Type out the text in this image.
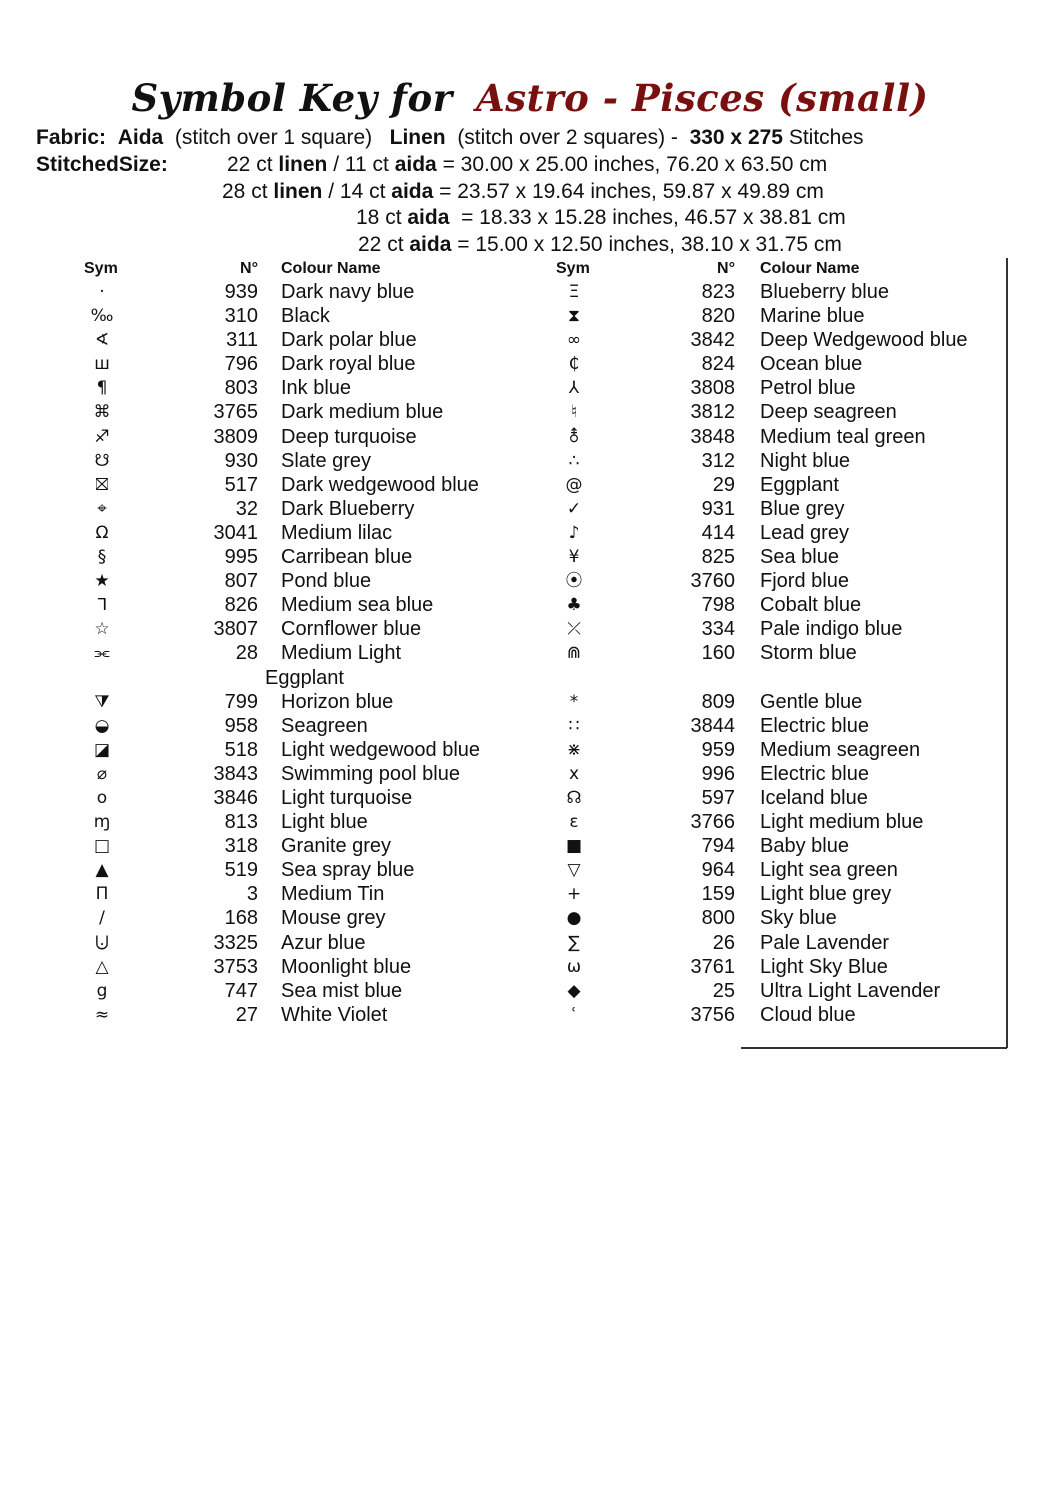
Symbol Key for Astro - Pisces (small)
Fabric: Aida (stitch over 1 square) Linen (stitch over 2 squares) - 330 x 275 Stitches
StitchedSize:	22 ct linen / 11 ct aida = 30.00 x 25.00 inches, 76.20 x 63.50 cm
28 ct linen / 14 ct aida = 23.57 x 19.64 inches, 59.87 x 49.89 cm
18 ct aida  = 18.33 x 15.28 inches, 46.57 x 38.81 cm
22 ct aida = 15.00 x 12.50 inches, 38.10 x 31.75 cm
Sym	N° Colour Name
·	939 Dark navy blue
‰	310 Black
∢	311 Dark polar blue
ш	796 Dark royal blue
¶	803 Ink blue
⌘	3765 Dark medium blue
♐	3809 Deep turquoise
☋	930 Slate grey
⛝	517 Dark wedgewood blue
⌖	32 Dark Blueberry
Ω	3041 Medium lilac
§	995 Carribean blue
★	807 Pond blue
ᒣ	826 Medium sea blue
☆	3807 Cornflower blue
⫘	28 Medium Light
Eggplant
⧩	799 Horizon blue
◒	958 Seagreen
◪	518 Light wedgewood blue
⌀	3843 Swimming pool blue
o	3846 Light turquoise
ɱ	813 Light blue
□	318 Granite grey
▲	519 Sea spray blue
Π	3 Medium Tin
/	168 Mouse grey
⨃	3325 Azur blue
△	3753 Moonlight blue
g	747 Sea mist blue
≈	27 White Violet
Sym	N° Colour Name
Ξ	823 Blueberry blue
⧗	820 Marine blue
∞	3842 Deep Wedgewood blue
₵	824 Ocean blue
⅄	3808 Petrol blue
♮	3812 Deep seagreen
⚨	3848 Medium teal green
∴	312 Night blue
@	29 Eggplant
✓	931 Blue grey
♪	414 Lead grey
¥	825 Sea blue
⦿	3760 Fjord blue
♣	798 Cobalt blue
⤫	334 Pale indigo blue
⋒	160 Storm blue
*	809 Gentle blue
∷	3844 Electric blue
⋇	959 Medium seagreen
x	996 Electric blue
☊	597 Iceland blue
ε	3766 Light medium blue
■	794 Baby blue
▽	964 Light sea green
+	159 Light blue grey
●	800 Sky blue
∑	26 Pale Lavender
ω	3761 Light Sky Blue
◆	25 Ultra Light Lavender
ʿ	3756 Cloud blue
